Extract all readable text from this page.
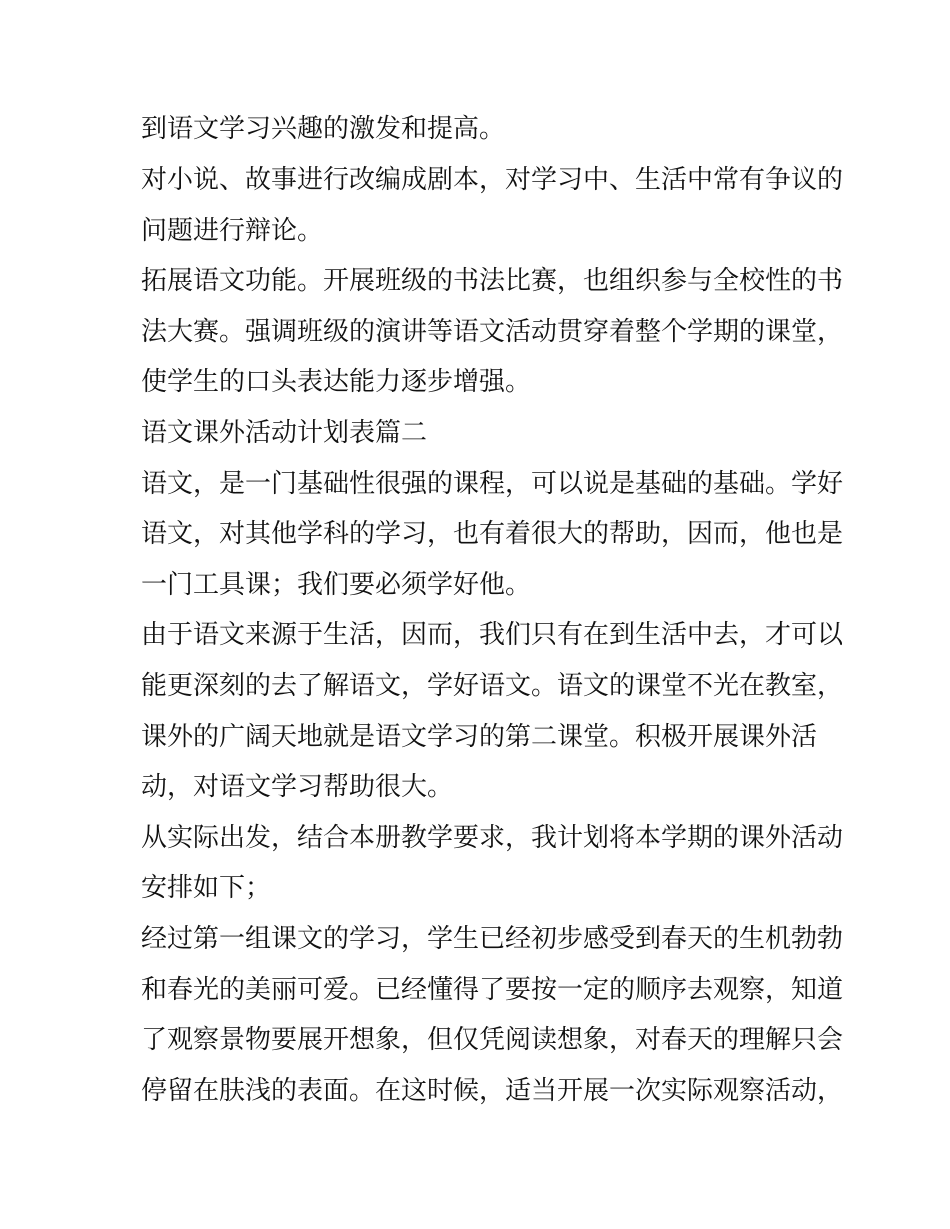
到语文学习兴趣的激发和提高。
对小说、故事进行改编成剧本，对学习中、生活中常有争议的
问题进行辩论。
拓展语文功能。开展班级的书法比赛，也组织参与全校性的书
法大赛。强调班级的演讲等语文活动贯穿着整个学期的课堂，
使学生的口头表达能力逐步增强。
语文课外活动计划表篇二
语文，是一门基础性很强的课程，可以说是基础的基础。学好
语文，对其他学科的学习，也有着很大的帮助，因而，他也是
一门工具课；我们要必须学好他。
由于语文来源于生活，因而，我们只有在到生活中去，才可以
能更深刻的去了解语文，学好语文。语文的课堂不光在教室，
课外的广阔天地就是语文学习的第二课堂。积极开展课外活
动，对语文学习帮助很大。
从实际出发，结合本册教学要求，我计划将本学期的课外活动
安排如下；
经过第一组课文的学习，学生已经初步感受到春天的生机勃勃
和春光的美丽可爱。已经懂得了要按一定的顺序去观察，知道
了观察景物要展开想象，但仅凭阅读想象，对春天的理解只会
停留在肤浅的表面。在这时候，适当开展一次实际观察活动，
